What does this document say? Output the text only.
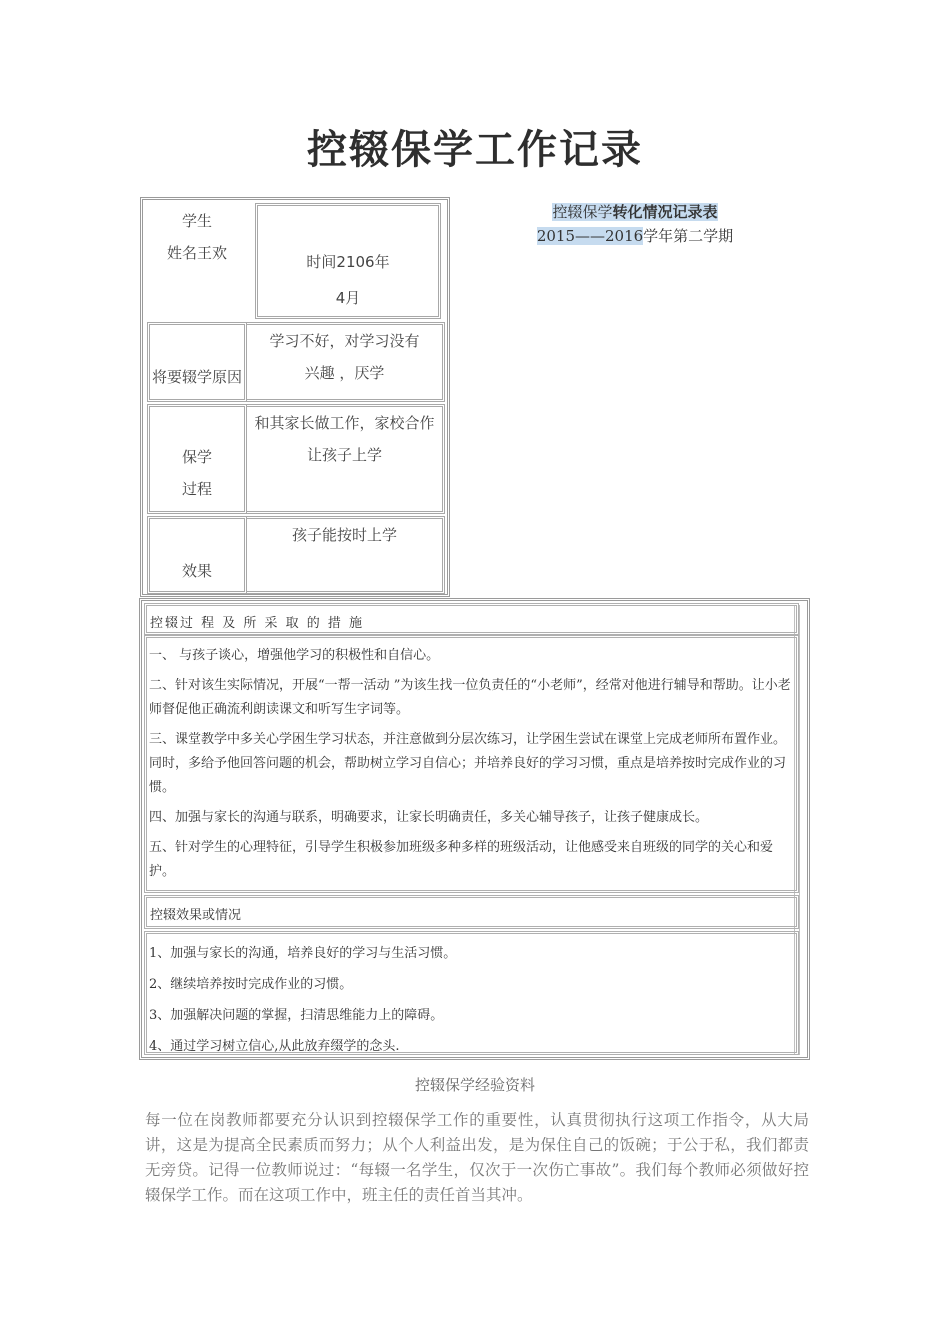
控辍保学工作记录
学生
姓名王欢	时间2106年
4月
将要辍学原因
学习不好，对学习没有
兴趣 ，厌学
保学
过程
和其家长做工作，家校合作
让孩子上学
效果
孩子能按时上学
控辍保学转化情况记录表
2015——2016学年第二学期
控辍过 程 及 所 采 取 的 措 施

一、 与孩子谈心，增强他学习的积极性和自信心。

二、针对该生实际情况，开展“一帮一活动 ”为该生找一位负责任的“小老师”，经常对他进行辅导和帮助。让小老师督促他正确流利朗读课文和听写生字词等。

三、课堂教学中多关心学困生学习状态，并注意做到分层次练习，让学困生尝试在课堂上完成老师所布置作业。同时，多给予他回答问题的机会，帮助树立学习自信心；并培养良好的学习习惯，重点是培养按时完成作业的习惯。

四、加强与家长的沟通与联系，明确要求，让家长明确责任，多关心辅导孩子，让孩子健康成长。

五、针对学生的心理特征，引导学生积极参加班级多种多样的班级活动，让他感受来自班级的同学的关心和爱护。

控辍效果或情况
1、加强与家长的沟通，培养良好的学习与生活习惯。
2、继续培养按时完成作业的习惯。
3、加强解决问题的掌握，扫清思维能力上的障碍。
4、通过学习树立信心,从此放弃缀学的念头.
控辍保学经验资料
每一位在岗教师都要充分认识到控辍保学工作的重要性，认真贯彻执行这项工作指令，从大局讲，这是为提高全民素质而努力；从个人利益出发，是为保住自己的饭碗；于公于私，我们都责无旁贷。记得一位教师说过：“每辍一名学生，仅次于一次伤亡事故”。我们每个教师必须做好控辍保学工作。而在这项工作中，班主任的责任首当其冲。
